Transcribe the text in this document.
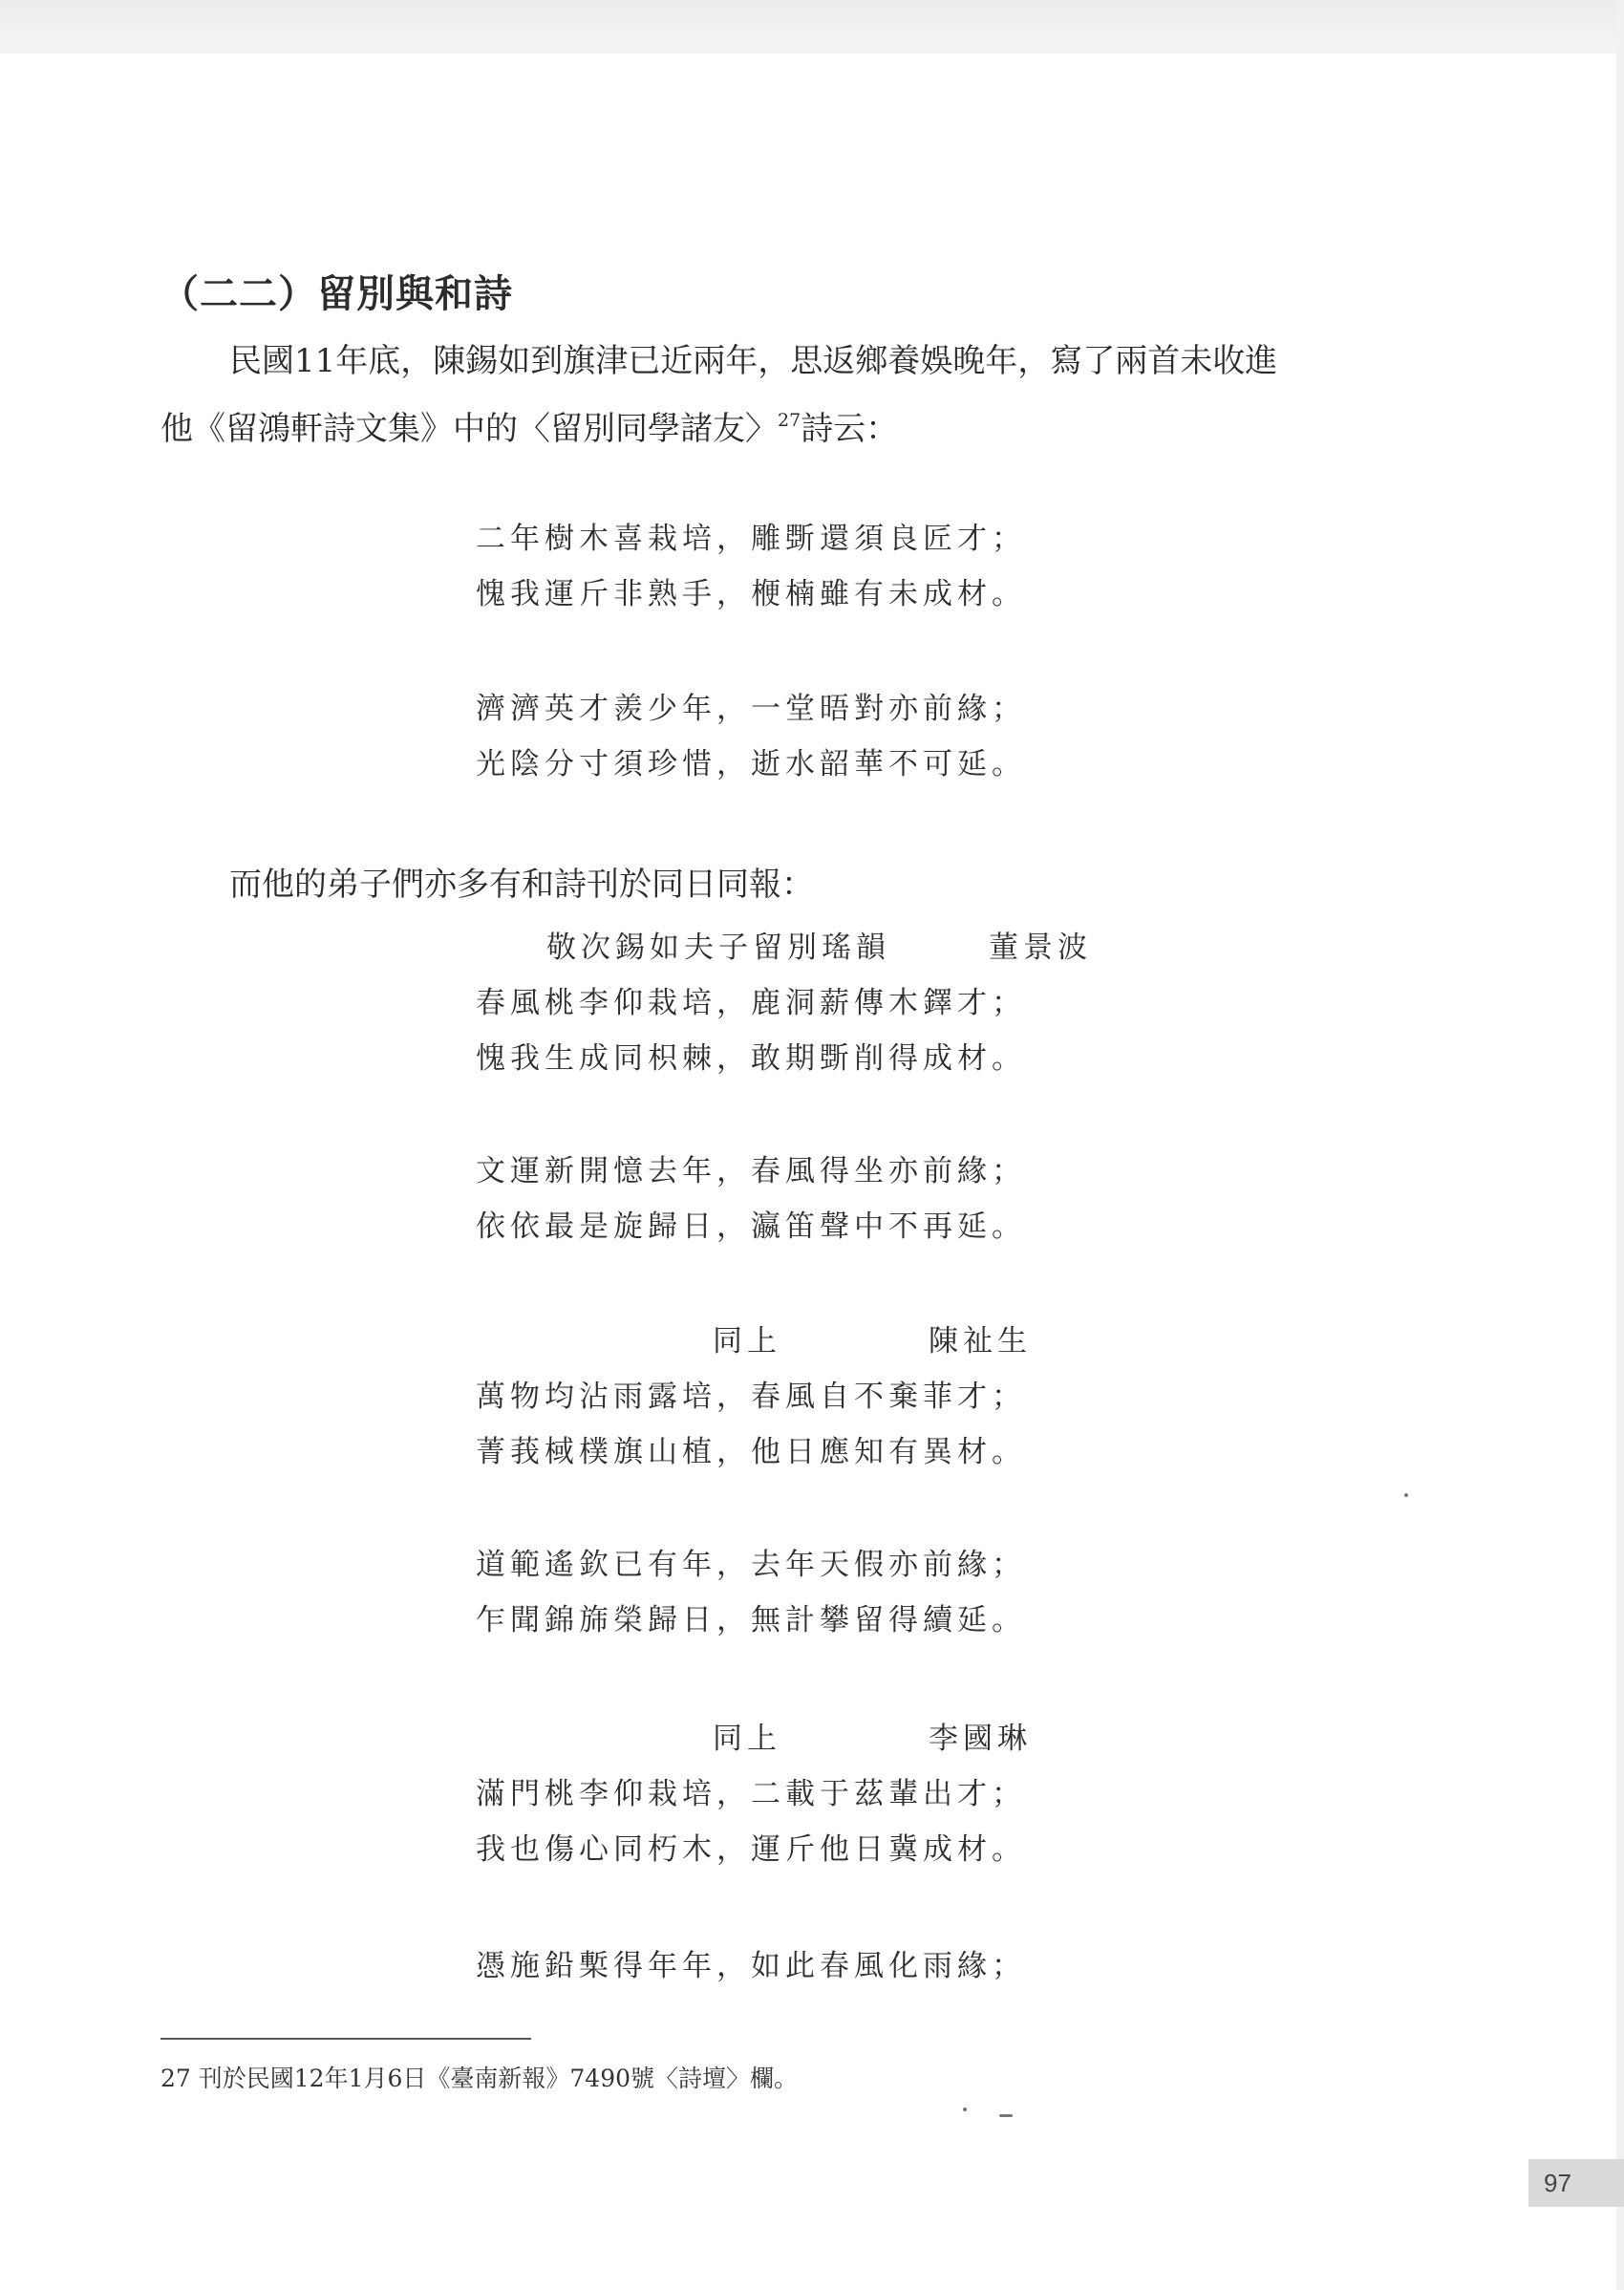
（二二）留別與和詩
民國11年底，陳錫如到旗津已近兩年，思返鄉養娛晚年，寫了兩首未收進
他《留鴻軒詩文集》中的〈留別同學諸友〉$^{27}$詩云：
二年樹木喜栽培，雕斲還須良匠才；
愧我運斤非熟手，楩楠雖有未成材。
濟濟英才羨少年，一堂晤對亦前緣；
光陰分寸須珍惜，逝水韶華不可延。
而他的弟子們亦多有和詩刊於同日同報：
敬次錫如夫子留別瑤韻	董景波
春風桃李仰栽培，鹿洞薪傳木鐸才；
愧我生成同枳棘，敢期斲削得成材。
文運新開憶去年，春風得坐亦前緣；
依依最是旋歸日，瀛笛聲中不再延。
同上	陳祉生
萬物均沾雨露培，春風自不棄菲才；
菁莪棫樸旗山植，他日應知有異材。
道範遙欽已有年，去年天假亦前緣；
乍聞錦旆榮歸日，無計攀留得續延。
同上	李國琳
滿門桃李仰栽培，二載于茲輩出才；
我也傷心同朽木，運斤他日冀成材。
憑施鉛槧得年年，如此春風化雨緣；
27 刊於民國12年1月6日《臺南新報》7490號〈詩壇〉欄。
97
